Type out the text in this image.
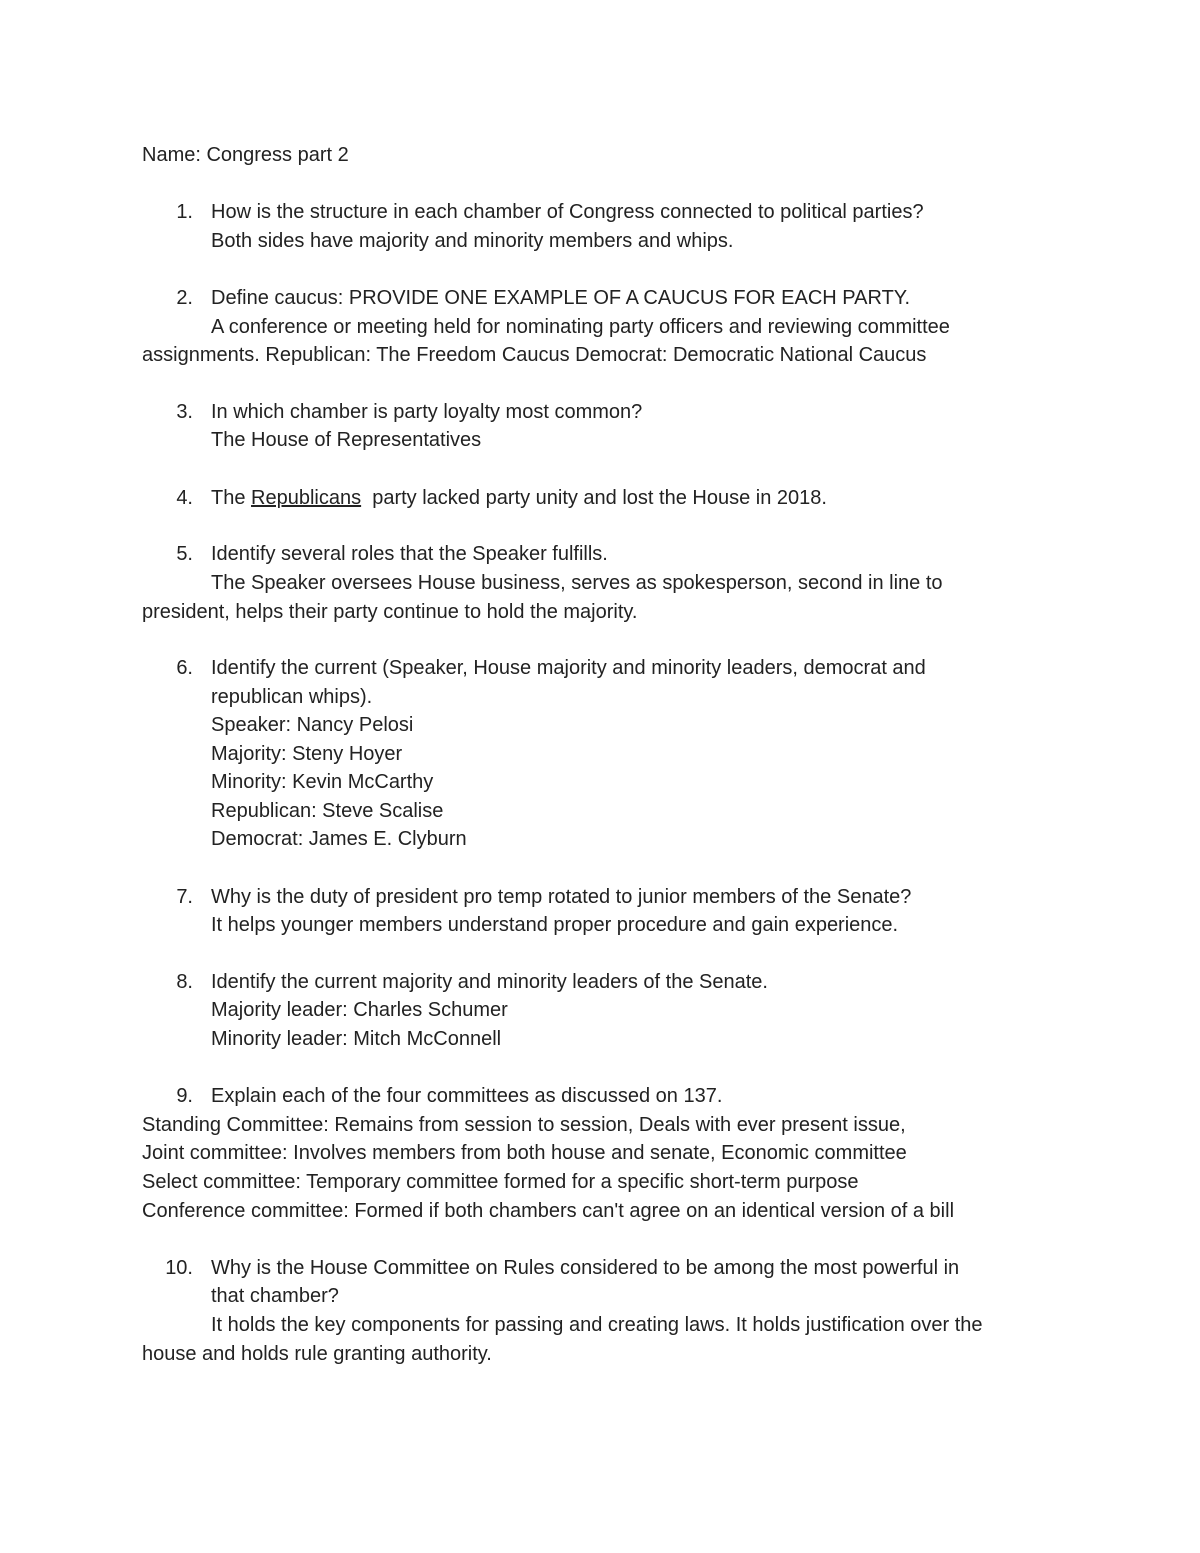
Name: Congress part 2
1. How is the structure in each chamber of Congress connected to political parties?
Both sides have majority and minority members and whips.
2. Define caucus: PROVIDE ONE EXAMPLE OF A CAUCUS FOR EACH PARTY.
A conference or meeting held for nominating party officers and reviewing committee
assignments. Republican: The Freedom Caucus Democrat: Democratic National Caucus
3. In which chamber is party loyalty most common?
The House of Representatives
4. The Republicans  party lacked party unity and lost the House in 2018.
5. Identify several roles that the Speaker fulfills.
The Speaker oversees House business, serves as spokesperson, second in line to
president, helps their party continue to hold the majority.
6. Identify the current (Speaker, House majority and minority leaders, democrat and
republican whips).
Speaker: Nancy Pelosi
Majority: Steny Hoyer
Minority: Kevin McCarthy
Republican: Steve Scalise
Democrat: James E. Clyburn
7. Why is the duty of president pro temp rotated to junior members of the Senate?
It helps younger members understand proper procedure and gain experience.
8. Identify the current majority and minority leaders of the Senate.
Majority leader: Charles Schumer
Minority leader: Mitch McConnell
9. Explain each of the four committees as discussed on 137.
Standing Committee: Remains from session to session, Deals with ever present issue,
Joint committee: Involves members from both house and senate, Economic committee
Select committee: Temporary committee formed for a specific short-term purpose
Conference committee: Formed if both chambers can't agree on an identical version of a bill
10. Why is the House Committee on Rules considered to be among the most powerful in
that chamber?
It holds the key components for passing and creating laws. It holds justification over the
house and holds rule granting authority.
